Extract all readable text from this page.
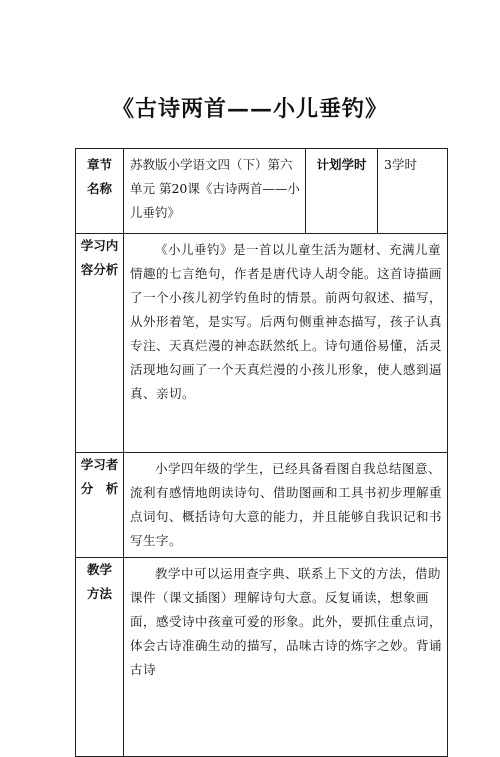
《古诗两首——小儿垂钓》
章节
名称	苏教版小学语文四（下）第六单元 第20课《古诗两首——小儿垂钓》	计划学时	3学时

学习内
容分析	《小儿垂钓》是一首以儿童生活为题材、充满儿童情趣的七言绝句，作者是唐代诗人胡令能。这首诗描画了一个小孩儿初学钓鱼时的情景。前两句叙述、描写，从外形着笔，是实写。后两句侧重神态描写，孩子认真专注、天真烂漫的神态跃然纸上。诗句通俗易懂，活灵活现地勾画了一个天真烂漫的小孩儿形象，使人感到逼真、亲切。		

学习者
分　析	小学四年级的学生，已经具备看图自我总结图意、流利有感情地朗读诗句、借助图画和工具书初步理解重点词句、概括诗句大意的能力，并且能够自我识记和书写生字。		

教学
方法	教学中可以运用查字典、联系上下文的方法，借助课件（课文插图）理解诗句大意。反复诵读，想象画面，感受诗中孩童可爱的形象。此外，要抓住重点词，体会古诗准确生动的描写，品味古诗的炼字之妙。背诵古诗		
